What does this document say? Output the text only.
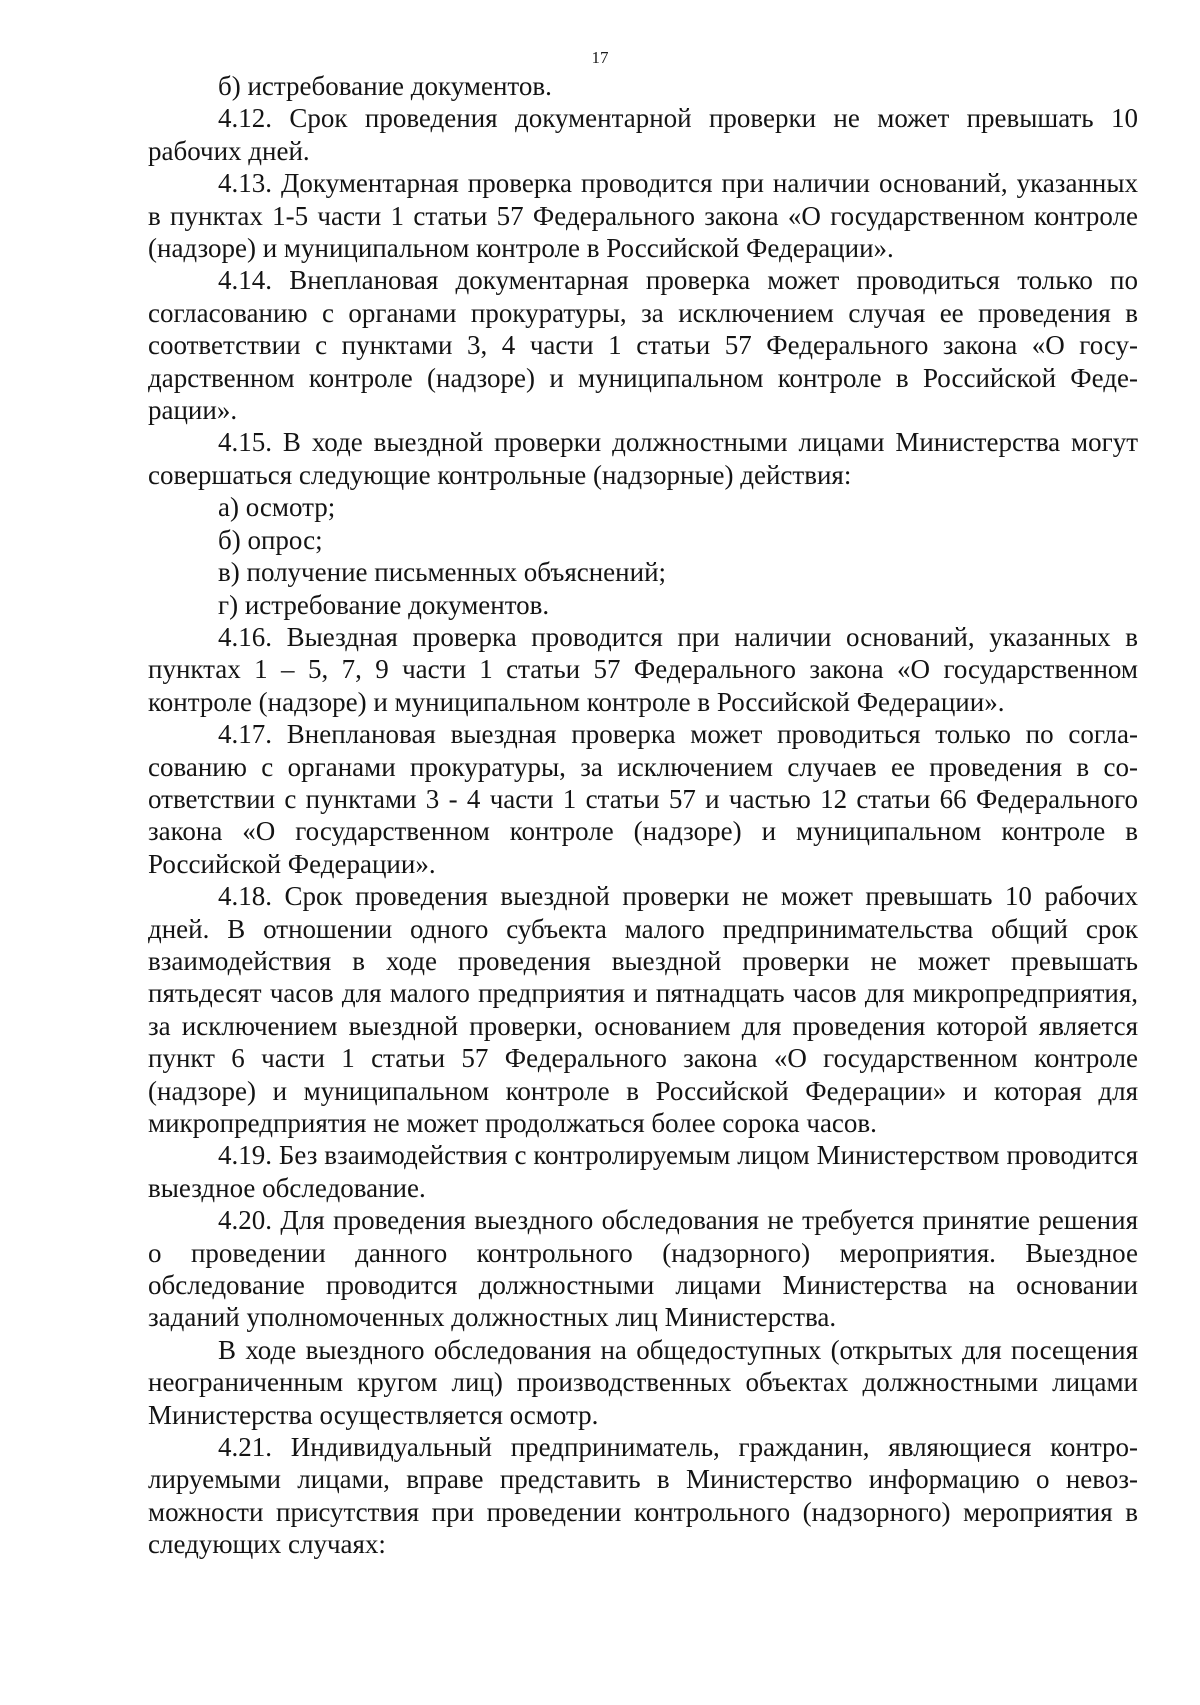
17

б) истребование документов.

4.12. Срок проведения документарной проверки не может превышать 10 рабочих дней.

4.13. Документарная проверка проводится при наличии оснований, указанных в пунктах 1-5 части 1 статьи 57 Федерального закона «О государственном контроле (надзоре) и муниципальном контроле в Российской Федерации».

4.14. Внеплановая документарная проверка может проводиться только по согласованию с органами прокуратуры, за исключением случая ее проведения в соответствии с пунктами 3, 4 части 1 статьи 57 Федерального закона «О государственном контроле (надзоре) и муниципальном контроле в Российской Федерации».

4.15. В ходе выездной проверки должностными лицами Министерства могут совершаться следующие контрольные (надзорные) действия:

а) осмотр;

б) опрос;

в) получение письменных объяснений;

г) истребование документов.

4.16. Выездная проверка проводится при наличии оснований, указанных в пунктах 1 – 5, 7, 9 части 1 статьи 57 Федерального закона «О государственном контроле (надзоре) и муниципальном контроле в Российской Федерации».

4.17. Внеплановая выездная проверка может проводиться только по согласованию с органами прокуратуры, за исключением случаев ее проведения в соответствии с пунктами 3 - 4 части 1 статьи 57 и частью 12 статьи 66 Федерального закона «О государственном контроле (надзоре) и муниципальном контроле в Российской Федерации».

4.18. Срок проведения выездной проверки не может превышать 10 рабочих дней. В отношении одного субъекта малого предпринимательства общий срок взаимодействия в ходе проведения выездной проверки не может превышать пятьдесят часов для малого предприятия и пятнадцать часов для микропредприятия, за исключением выездной проверки, основанием для проведения которой является пункт 6 части 1 статьи 57 Федерального закона «О государственном контроле (надзоре) и муниципальном контроле в Российской Федерации» и которая для микропредприятия не может продолжаться более сорока часов.

4.19. Без взаимодействия с контролируемым лицом Министерством проводится выездное обследование.

4.20. Для проведения выездного обследования не требуется принятие решения о проведении данного контрольного (надзорного) мероприятия. Выездное обследование проводится должностными лицами Министерства на основании заданий уполномоченных должностных лиц Министерства.

В ходе выездного обследования на общедоступных (открытых для посещения неограниченным кругом лиц) производственных объектах должностными лицами Министерства осуществляется осмотр.

4.21. Индивидуальный предприниматель, гражданин, являющиеся контролируемыми лицами, вправе представить в Министерство информацию о невозможности присутствия при проведении контрольного (надзорного) мероприятия в следующих случаях:
